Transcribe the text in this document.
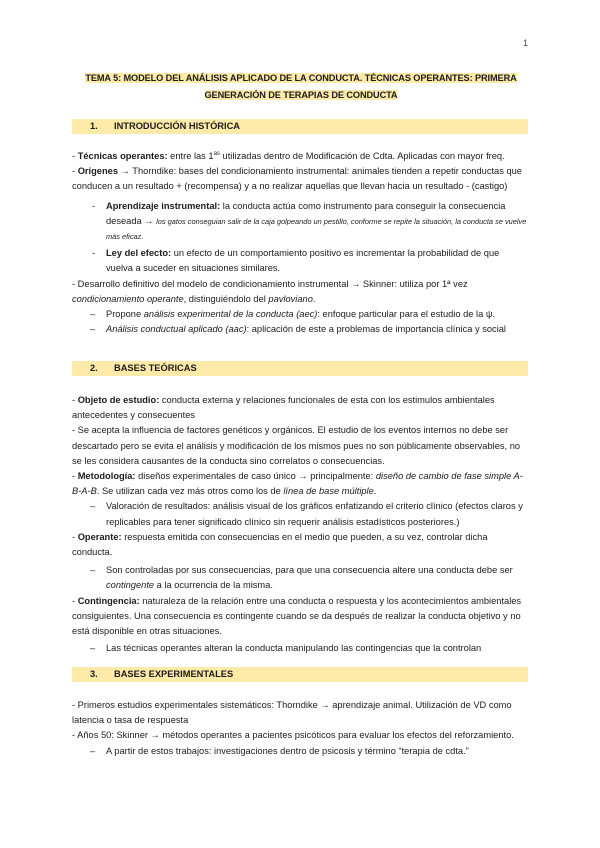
1
TEMA 5: MODELO DEL ANÁLISIS APLICADO DE LA CONDUCTA. TÉCNICAS OPERANTES: PRIMERA
GENERACIÓN DE TERAPIAS DE CONDUCTA
1. INTRODUCCIÓN HISTÓRICA

- Técnicas operantes: entre las $1^{as}$ utilizadas dentro de Modificación de Cdta. Aplicadas con mayor freq.

- Origenes → Thorndike: bases del condicionamiento instrumental: animales tienden a repetir conductas que conducen a un resultado + (recompensa) y a no realizar aquellas que llevan hacia un resultado - (castigo)

- Aprendizaje instrumental: la conducta actúa como instrumento para conseguir la consecuencia deseada → los gatos conseguian salir de la caja golpeando un pestillo, conforme se repite la situación, la conducta se vuelve más eficaz.

- Ley del efecto: un efecto de un comportamiento positivo es incrementar la probabilidad de que vuelva a suceder en situaciones similares.

- Desarrollo definitivo del modelo de condicionamiento instrumental → Skinner: utiliza por 1ª vez condicionamiento operante, distinguiéndolo del pavloviano.

– Propone análisis experimental de la conducta (aec): enfoque particular para el estudio de la ψ.

– Análisis conductual aplicado (aac): aplicación de este a problemas de importancia clínica y social

2. BASES TEÓRICAS

- Objeto de estudio: conducta externa y relaciones funcionales de esta con los estimulos ambientales antecedentes y consecuentes

- Se acepta la influencia de factores genéticos y orgánicos. El estudio de los eventos internos no debe ser descartado pero se evita el análisis y modificación de los mismos pues no son públicamente observables, no se les considera causantes de la conducta sino correlatos o consecuencias.

- Metodología: diseños experimentales de caso único → principalmente: diseño de cambio de fase simple A-B-A-B. Se utilizan cada vez más otros como los de línea de base múltiple.

– Valoración de resultados: análisis visual de los gráficos enfatizando el criterio clínico (efectos claros y replicables para tener significado clínico sin requerir análisis estadísticos posteriores.)

- Operante: respuesta emitida con consecuencias en el medio que pueden, a su vez, controlar dicha conducta.

– Son controladas por sus consecuencias, para que una consecuencia altere una conducta debe ser contingente a la ocurrencia de la misma.

- Contingencia: naturaleza de la relación entre una conducta o respuesta y los acontecimientos ambientales consiguientes. Una consecuencia es contingente cuando se da después de realizar la conducta objetivo y no está disponible en otras situaciones.

– Las técnicas operantes alteran la conducta manipulando las contingencias que la controlan

3. BASES EXPERIMENTALES

- Primeros estudios experimentales sistemáticos: Thorndike → aprendizaje animal. Utilización de VD como latencia o tasa de respuesta

- Años 50: Skinner → métodos operantes a pacientes psicóticos para evaluar los efectos del reforzamiento.

– A partir de estos trabajos: investigaciones dentro de psicosis y término “terapia de cdta.”
